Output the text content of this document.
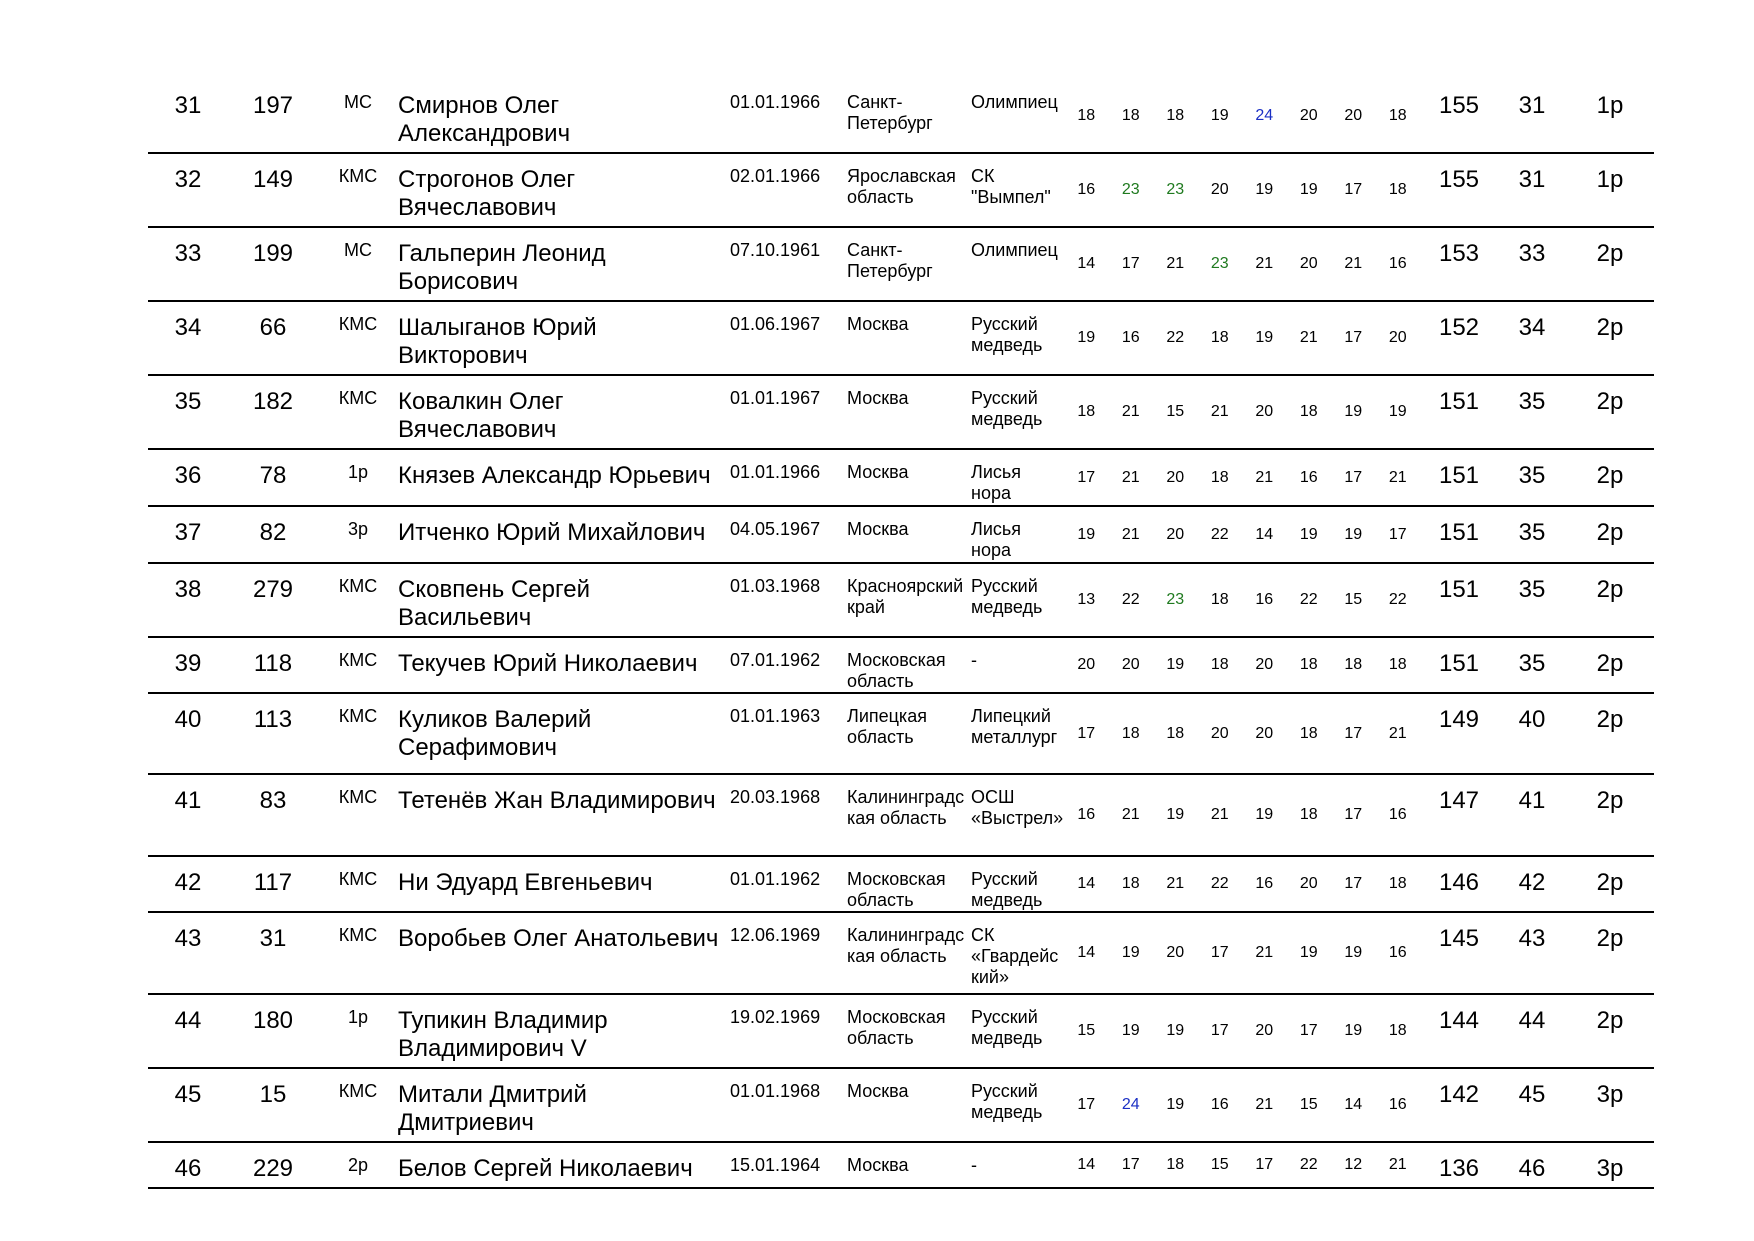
31	197	МС	Смирнов Олег Александрович	01.01.1966	Санкт-Петербург	Олимпиец	18	18	18	19	24	20	20	18	155	31	1р
32	149	КМС	Строгонов Олег Вячеславович	02.01.1966	Ярославская область	СК "Вымпел"	16	23	23	20	19	19	17	18	155	31	1р
33	199	МС	Гальперин Леонид Борисович	07.10.1961	Санкт-Петербург	Олимпиец	14	17	21	23	21	20	21	16	153	33	2р
34	66	КМС	Шалыганов Юрий Викторович	01.06.1967	Москва	Русский медведь	19	16	22	18	19	21	17	20	152	34	2р
35	182	КМС	Ковалкин Олег Вячеславович	01.01.1967	Москва	Русский медведь	18	21	15	21	20	18	19	19	151	35	2р
36	78	1р	Князев Александр Юрьевич	01.01.1966	Москва	Лисья нора	17	21	20	18	21	16	17	21	151	35	2р
37	82	3р	Итченко Юрий Михайлович	04.05.1967	Москва	Лисья нора	19	21	20	22	14	19	19	17	151	35	2р
38	279	КМС	Сковпень Сергей Васильевич	01.03.1968	Красноярский край	Русский медведь	13	22	23	18	16	22	15	22	151	35	2р
39	118	КМС	Текучев Юрий Николаевич	07.01.1962	Московская область	-	20	20	19	18	20	18	18	18	151	35	2р
40	113	КМС	Куликов Валерий Серафимович	01.01.1963	Липецкая область	Липецкий металлург	17	18	18	20	20	18	17	21	149	40	2р
41	83	КМС	Тетенёв Жан Владимирович	20.03.1968	Калининградская область	ОСШ «Выстрел»	16	21	19	21	19	18	17	16	147	41	2р
42	117	КМС	Ни Эдуард Евгеньевич	01.01.1962	Московская область	Русский медведь	14	18	21	22	16	20	17	18	146	42	2р
43	31	КМС	Воробьев Олег Анатольевич	12.06.1969	Калининградская область	СК «Гвардейский»	14	19	20	17	21	19	19	16	145	43	2р
44	180	1р	Тупикин Владимир Владимирович V	19.02.1969	Московская область	Русский медведь	15	19	19	17	20	17	19	18	144	44	2р
45	15	КМС	Митали Дмитрий Дмитриевич	01.01.1968	Москва	Русский медведь	17	24	19	16	21	15	14	16	142	45	3р
46	229	2р	Белов Сергей Николаевич	15.01.1964	Москва	-	14	17	18	15	17	22	12	21	136	46	3р
